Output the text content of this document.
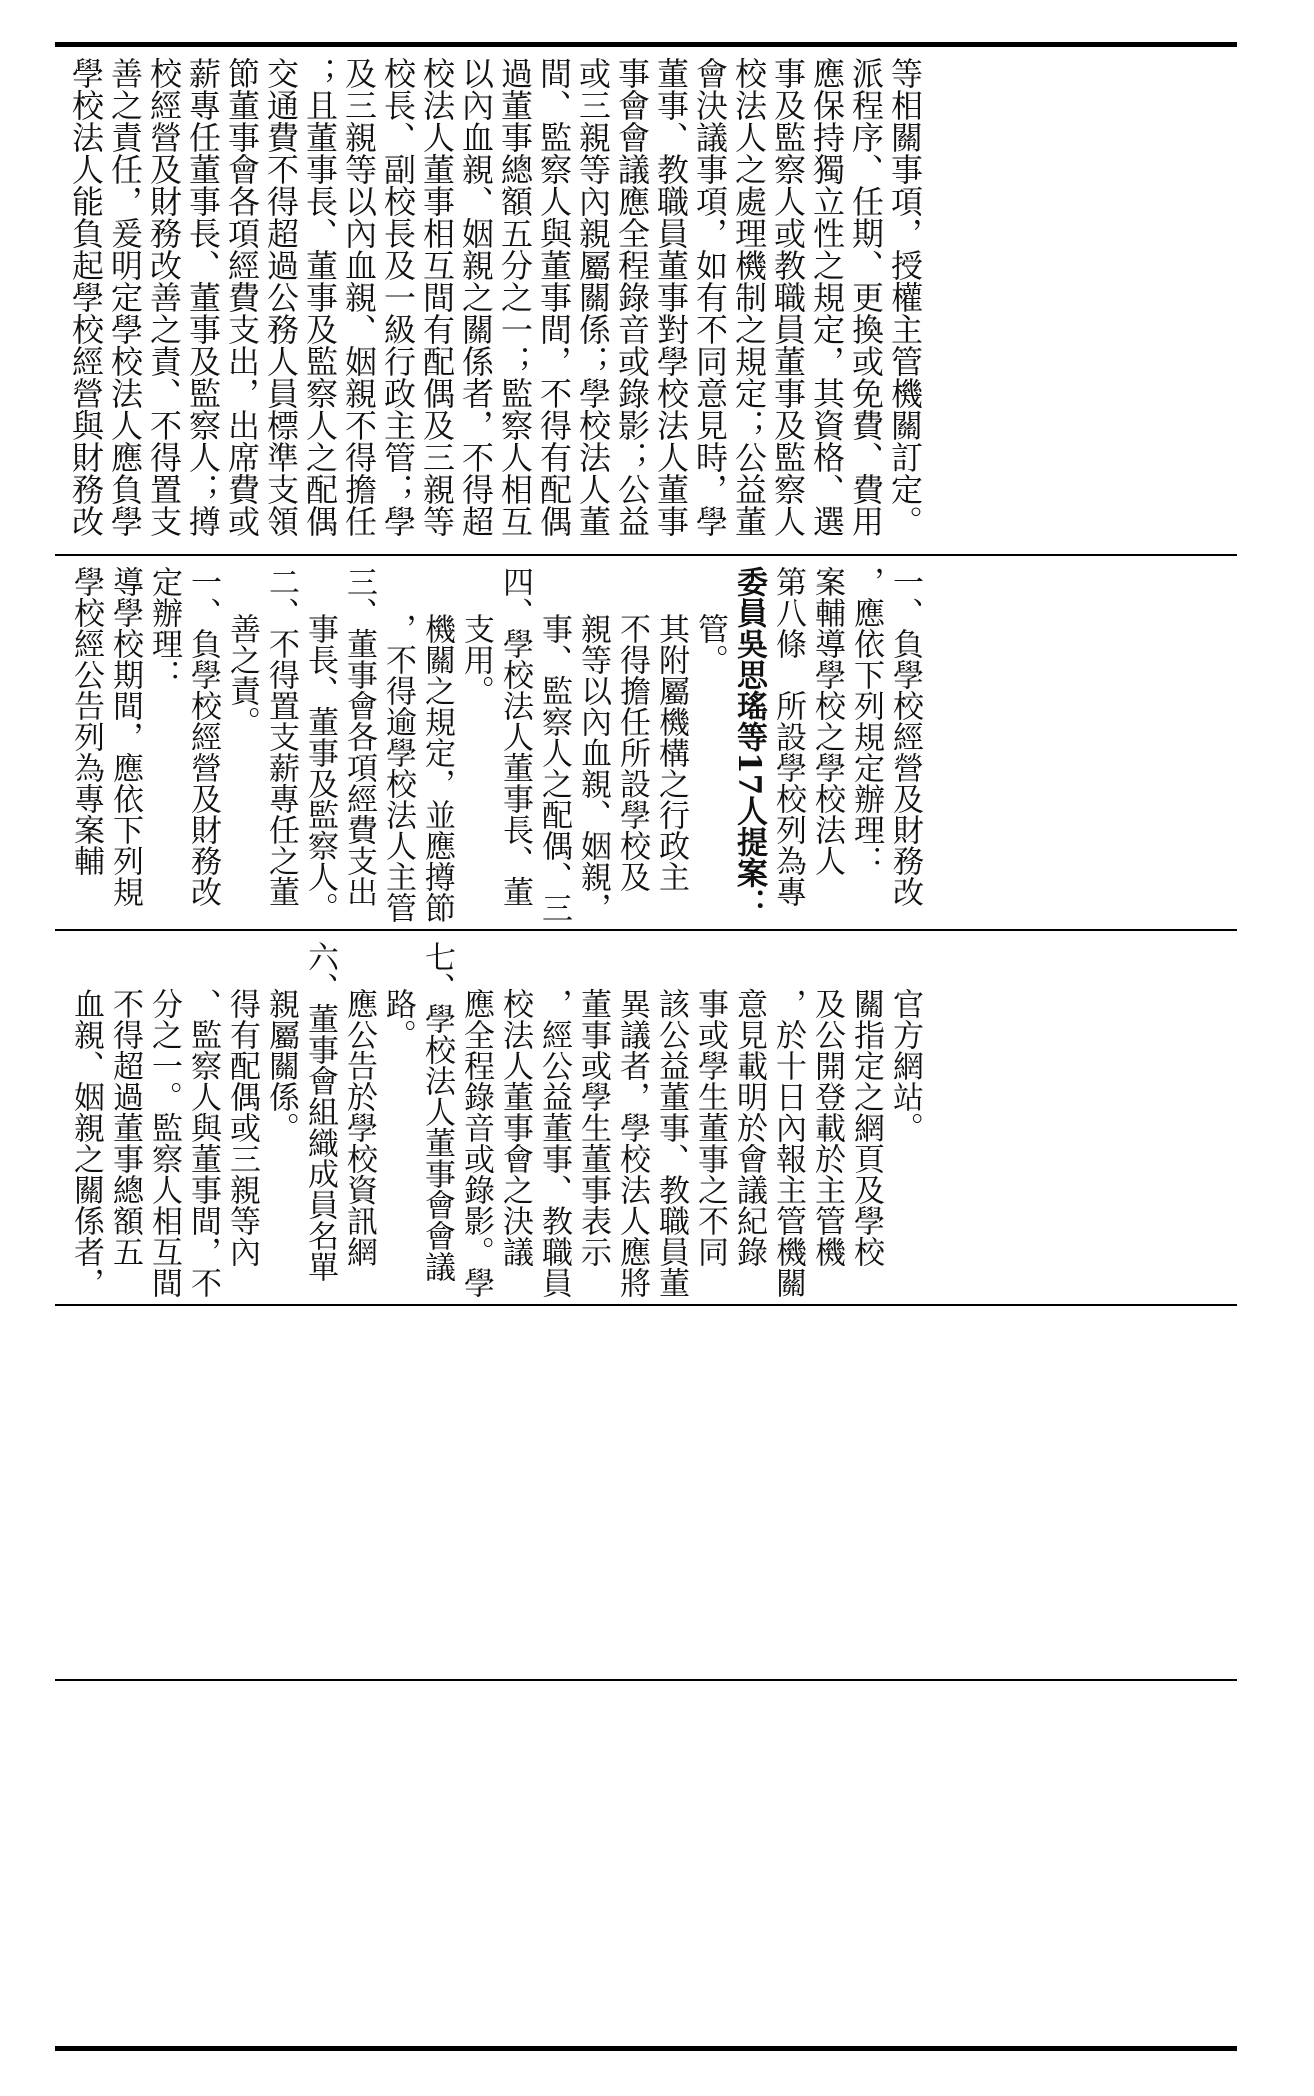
學校法人能負起學校經營與財務改 善之責任，爰明定學校法人應負學 校經營及財務改善之責、不得置支 薪專任董事長、董事及監察人；撙 節董事會各項經費支出，出席費或 交通費不得超過公務人員標準支領 ；且董事長、董事及監察人之配偶 及三親等以內血親、姻親不得擔任 校長、副校長及一級行政主管；學 校法人董事相互間有配偶及三親等 以內血親、姻親之關係者，不得超 過董事總額五分之一；監察人相互 間、監察人與董事間，不得有配偶 或三親等內親屬關係；學校法人董 事會會議應全程錄音或錄影；公益 董事、教職員董事對學校法人董事 會決議事項，如有不同意見時，學 校法人之處理機制之規定；公益董 事及監察人或教職員董事及監察人 應保持獨立性之規定，其資格、選 派程序、任期、更換或免費、費用 等相關事項，授權主管機關訂定。
學校經公告列為專案輔 導學校期間，應依下列規 定辦理： 一、負學校經營及財務改 善之責。 二、不得置支薪專任之董 事長、董事及監察人。 三、董事會各項經費支出 ，不得逾學校法人主管 機關之規定，並應撙節 支用。 四、學校法人董事長、董 事、監察人之配偶、三 親等以內血親、姻親， 不得擔任所設學校及 其附屬機構之行政主 管。 委員吳思瑤等17人提案： 第八條　所設學校列為專 案輔導學校之學校法人 ，應依下列規定辦理： 一、負學校經營及財務改
血親、姻親之關係者， 不得超過董事總額五 分之一。監察人相互間 、監察人與董事間，不 得有配偶或三親等內 親屬關係。 六、董事會組織成員名單 應公告於學校資訊網 路。 七、學校法人董事會會議 應全程錄音或錄影。學 校法人董事會之決議 ，經公益董事、教職員 董事或學生董事表示 異議者，學校法人應將 該公益董事、教職員董 事或學生董事之不同 意見載明於會議紀錄 ，於十日內報主管機關 及公開登載於主管機 關指定之網頁及學校 官方網站。
